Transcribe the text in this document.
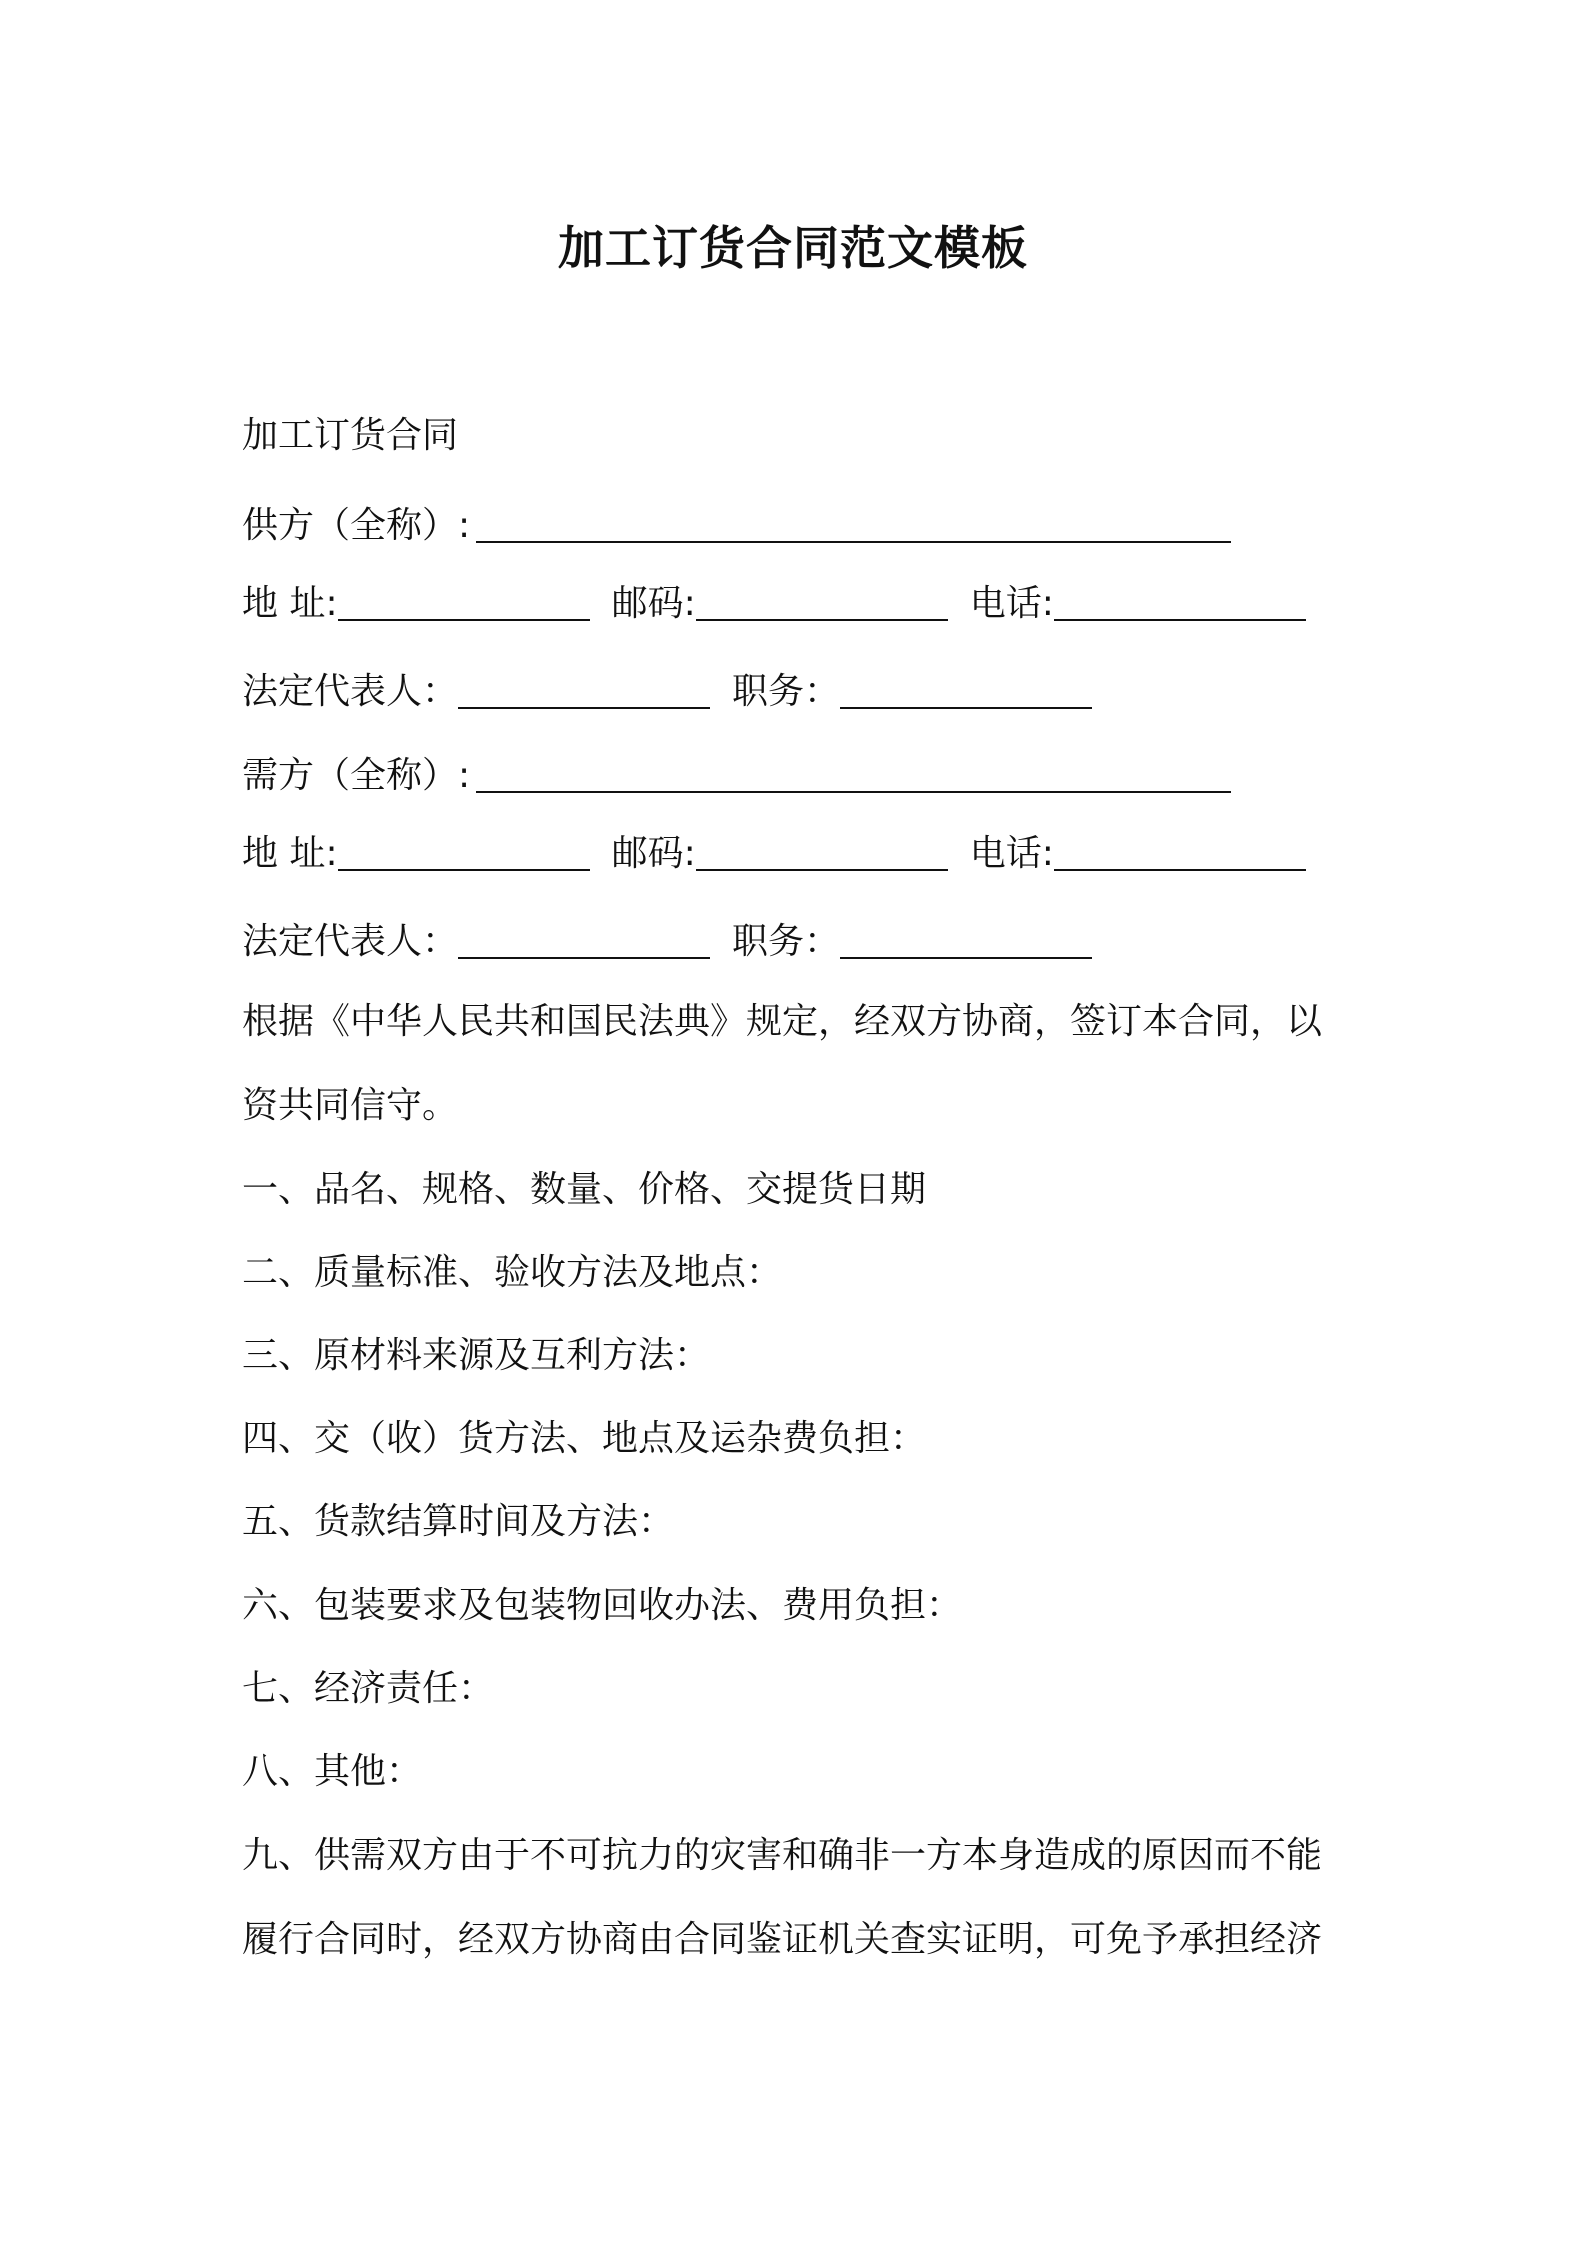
加工订货合同范文模板
加工订货合同
供方（全称）:
地 址:	邮码:	电话:
法定代表人：	职务：
需方（全称）:
地 址:	邮码:	电话:
法定代表人：	职务：
根据《中华人民共和国民法典》规定，经双方协商，签订本合同，以
资共同信守。
一、品名、规格、数量、价格、交提货日期
二、质量标准、验收方法及地点：
三、原材料来源及互利方法：
四、交（收）货方法、地点及运杂费负担：
五、货款结算时间及方法：
六、包装要求及包装物回收办法、费用负担：
七、经济责任：
八、其他：
九、供需双方由于不可抗力的灾害和确非一方本身造成的原因而不能
履行合同时，经双方协商由合同鉴证机关查实证明，可免予承担经济
